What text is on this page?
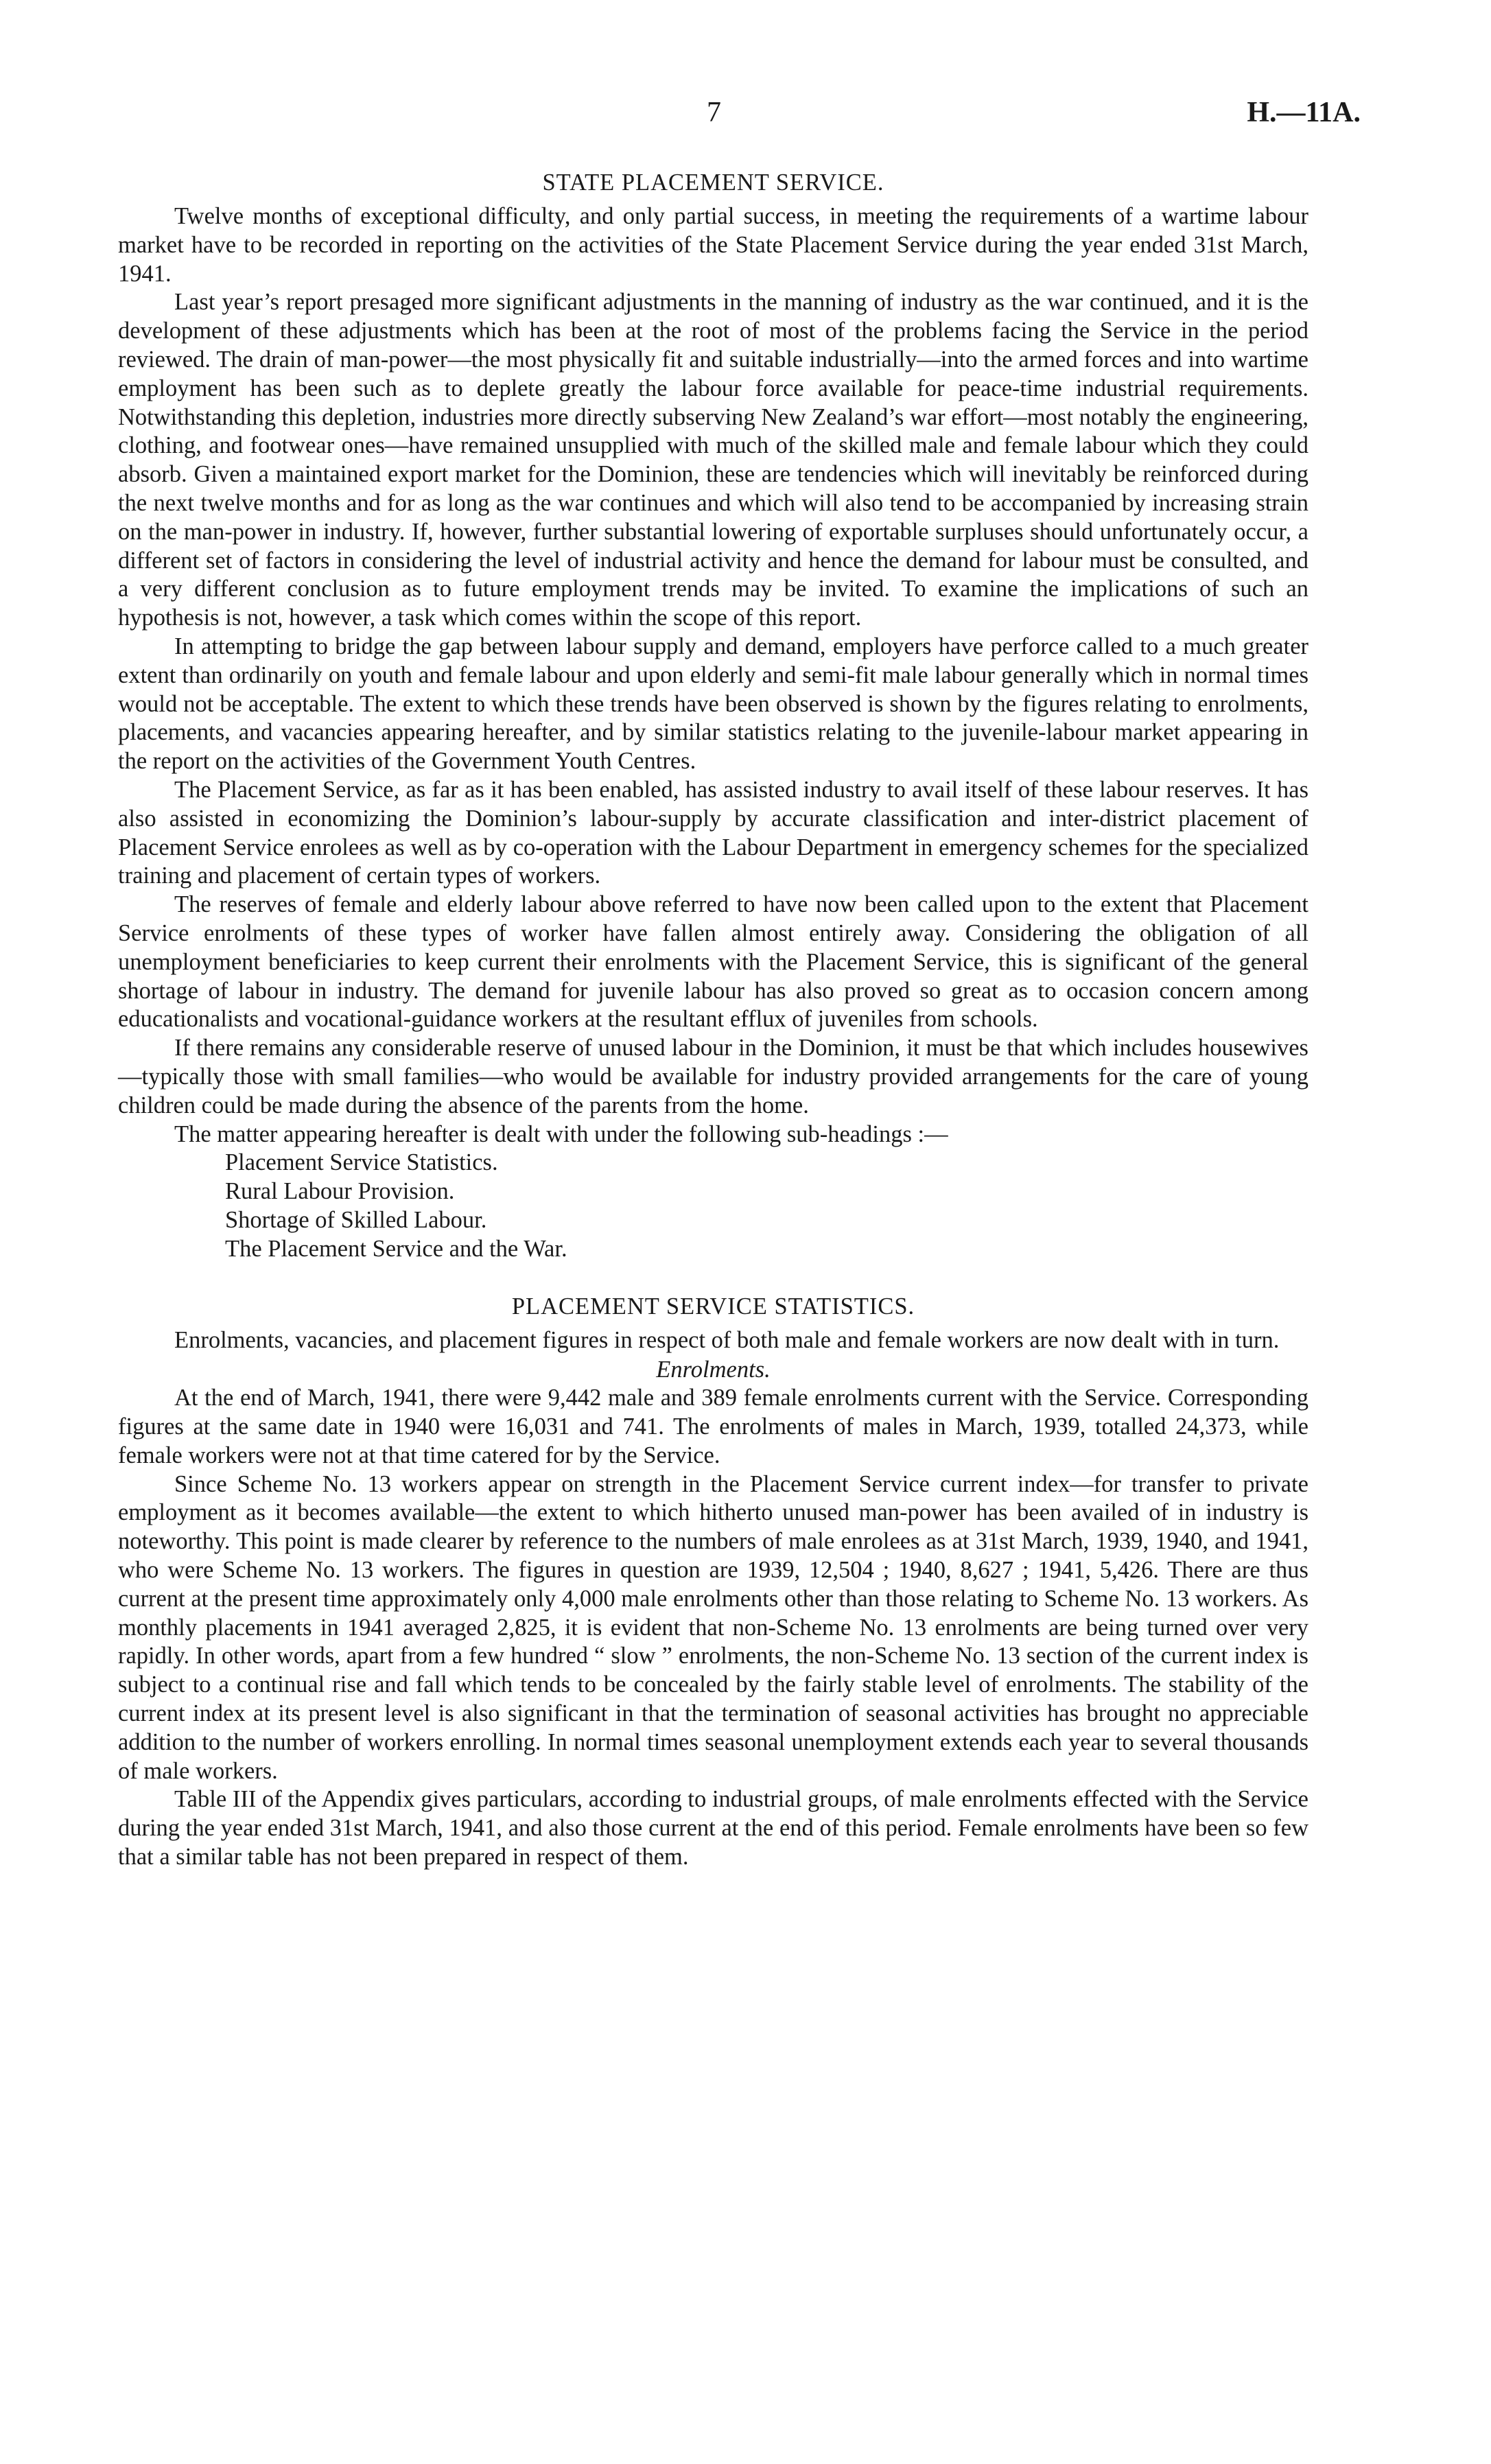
7	H.—11A.
STATE PLACEMENT SERVICE.

Twelve months of exceptional difficulty, and only partial success, in meeting the requirements of a wartime labour market have to be recorded in reporting on the activities of the State Placement Service during the year ended 31st March, 1941.

Last year’s report presaged more significant adjustments in the manning of industry as the war continued, and it is the development of these adjustments which has been at the root of most of the problems facing the Service in the period reviewed. The drain of man-power—the most physically fit and suitable industrially—into the armed forces and into wartime employment has been such as to deplete greatly the labour force available for peace-time industrial requirements. Notwithstanding this depletion, industries more directly subserving New Zealand’s war effort—most notably the engineering, clothing, and footwear ones—have remained unsupplied with much of the skilled male and female labour which they could absorb. Given a maintained export market for the Dominion, these are tendencies which will inevitably be reinforced during the next twelve months and for as long as the war continues and which will also tend to be accompanied by increasing strain on the man-power in industry. If, however, further substantial lowering of exportable surpluses should unfortunately occur, a different set of factors in considering the level of industrial activity and hence the demand for labour must be consulted, and a very different conclusion as to future employment trends may be invited. To examine the implications of such an hypothesis is not, however, a task which comes within the scope of this report.

In attempting to bridge the gap between labour supply and demand, employers have perforce called to a much greater extent than ordinarily on youth and female labour and upon elderly and semi-fit male labour generally which in normal times would not be acceptable. The extent to which these trends have been observed is shown by the figures relating to enrolments, placements, and vacancies appearing hereafter, and by similar statistics relating to the juvenile-labour market appearing in the report on the activities of the Government Youth Centres.

The Placement Service, as far as it has been enabled, has assisted industry to avail itself of these labour reserves. It has also assisted in economizing the Dominion’s labour-supply by accurate classification and inter-district placement of Placement Service enrolees as well as by co-operation with the Labour Department in emergency schemes for the specialized training and placement of certain types of workers.

The reserves of female and elderly labour above referred to have now been called upon to the extent that Placement Service enrolments of these types of worker have fallen almost entirely away. Considering the obligation of all unemployment beneficiaries to keep current their enrolments with the Placement Service, this is significant of the general shortage of labour in industry. The demand for juvenile labour has also proved so great as to occasion concern among educationalists and vocational-guidance workers at the resultant efflux of juveniles from schools.

If there remains any considerable reserve of unused labour in the Dominion, it must be that which includes housewives—typically those with small families—who would be available for industry provided arrangements for the care of young children could be made during the absence of the parents from the home.

The matter appearing hereafter is dealt with under the following sub-headings :—

Placement Service Statistics.
Rural Labour Provision.
Shortage of Skilled Labour.
The Placement Service and the War.
PLACEMENT SERVICE STATISTICS.

Enrolments, vacancies, and placement figures in respect of both male and female workers are now dealt with in turn.

Enrolments.

At the end of March, 1941, there were 9,442 male and 389 female enrolments current with the Service. Corresponding figures at the same date in 1940 were 16,031 and 741. The enrolments of males in March, 1939, totalled 24,373, while female workers were not at that time catered for by the Service.

Since Scheme No. 13 workers appear on strength in the Placement Service current index—for transfer to private employment as it becomes available—the extent to which hitherto unused man-power has been availed of in industry is noteworthy. This point is made clearer by reference to the numbers of male enrolees as at 31st March, 1939, 1940, and 1941, who were Scheme No. 13 workers. The figures in question are 1939, 12,504 ; 1940, 8,627 ; 1941, 5,426. There are thus current at the present time approximately only 4,000 male enrolments other than those relating to Scheme No. 13 workers. As monthly placements in 1941 averaged 2,825, it is evident that non-Scheme No. 13 enrolments are being turned over very rapidly. In other words, apart from a few hundred “ slow ” enrolments, the non-Scheme No. 13 section of the current index is subject to a continual rise and fall which tends to be concealed by the fairly stable level of enrolments. The stability of the current index at its present level is also significant in that the termination of seasonal activities has brought no appreciable addition to the number of workers enrolling. In normal times seasonal unemployment extends each year to several thousands of male workers.

Table III of the Appendix gives particulars, according to industrial groups, of male enrolments effected with the Service during the year ended 31st March, 1941, and also those current at the end of this period. Female enrolments have been so few that a similar table has not been prepared in respect of them.
